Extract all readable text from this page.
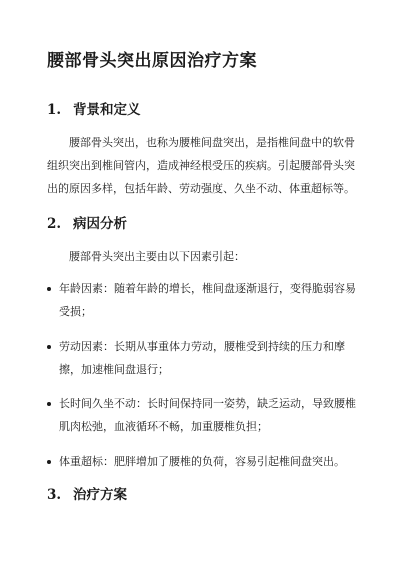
腰部骨头突出原因治疗方案
1. 背景和定义
腰部骨头突出，也称为腰椎间盘突出，是指椎间盘中的软骨组织突出到椎间管内，造成神经根受压的疾病。引起腰部骨头突出的原因多样，包括年龄、劳动强度、久坐不动、体重超标等。
2. 病因分析
腰部骨头突出主要由以下因素引起：
年龄因素：随着年龄的增长，椎间盘逐渐退行，变得脆弱容易受损；
劳动因素：长期从事重体力劳动，腰椎受到持续的压力和摩擦，加速椎间盘退行；
长时间久坐不动：长时间保持同一姿势，缺乏运动，导致腰椎肌肉松弛，血液循环不畅，加重腰椎负担；
体重超标：肥胖增加了腰椎的负荷，容易引起椎间盘突出。
3. 治疗方案
